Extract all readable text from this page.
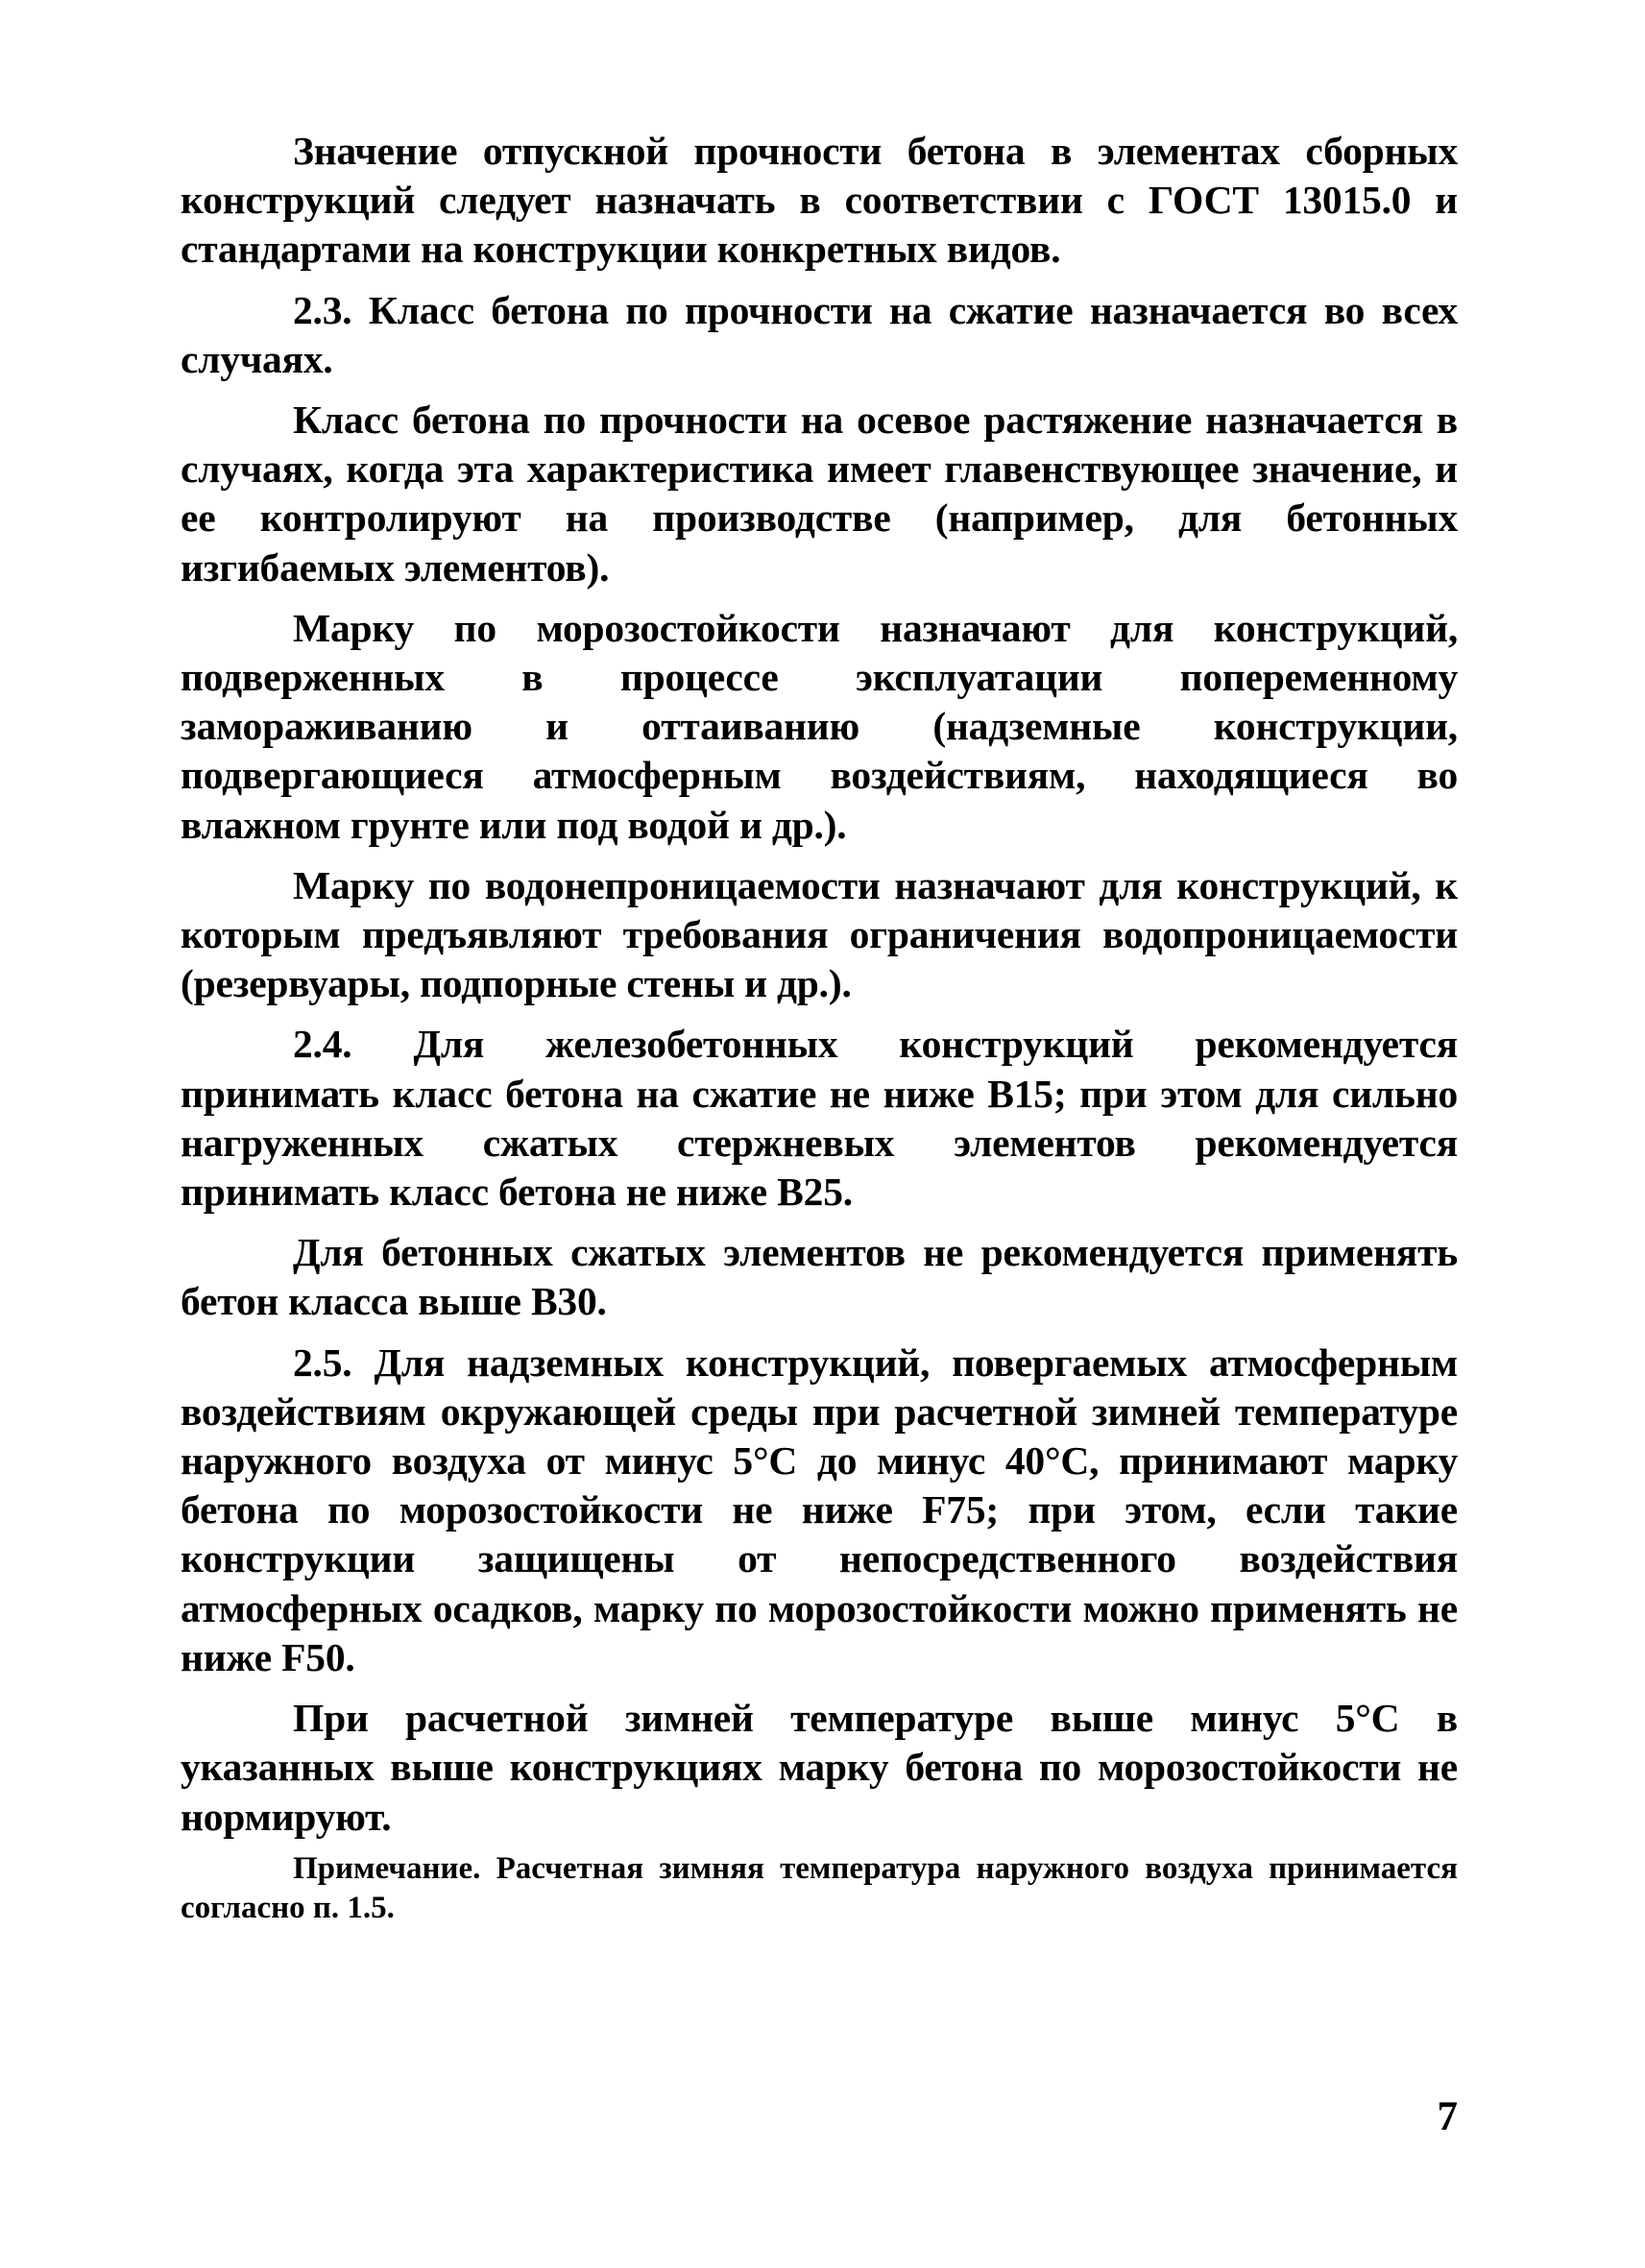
Значение отпускной прочности бетона в элементах сборных конструкций следует назначать в соответствии с ГОСТ 13015.0 и стандартами на конструкции конкретных видов.

2.3. Класс бетона по прочности на сжатие назначается во всех случаях.

Класс бетона по прочности на осевое растяжение назначается в случаях, когда эта характеристика имеет главенствующее значение, и ее контролируют на производстве (например, для бетонных изгибаемых элементов).

Марку по морозостойкости назначают для конструкций, подверженных в процессе эксплуатации попеременному замораживанию и оттаиванию (надземные конструкции, подвергающиеся атмосферным воздействиям, находящиеся во влажном грунте или под водой и др.).

Марку по водонепроницаемости назначают для конструкций, к которым предъявляют требования ограничения водопроницаемости (резервуары, подпорные стены и др.).

2.4. Для железобетонных конструкций рекомендуется принимать класс бетона на сжатие не ниже В15; при этом для сильно нагруженных сжатых стержневых элементов рекомендуется принимать класс бетона не ниже В25.

Для бетонных сжатых элементов не рекомендуется применять бетон класса выше В30.

2.5. Для надземных конструкций, повергаемых атмосферным воздействиям окружающей среды при расчетной зимней температуре наружного воздуха от минус 5°С до минус 40°С, принимают марку бетона по морозостойкости не ниже F75; при этом, если такие конструкции защищены от непосредственного воздействия атмосферных осадков, марку по морозостойкости можно применять не ниже F50.

При расчетной зимней температуре выше минус 5°С в указанных выше конструкциях марку бетона по морозостойкости не нормируют.

Примечание. Расчетная зимняя температура наружного воздуха принимается согласно п. 1.5.

7
